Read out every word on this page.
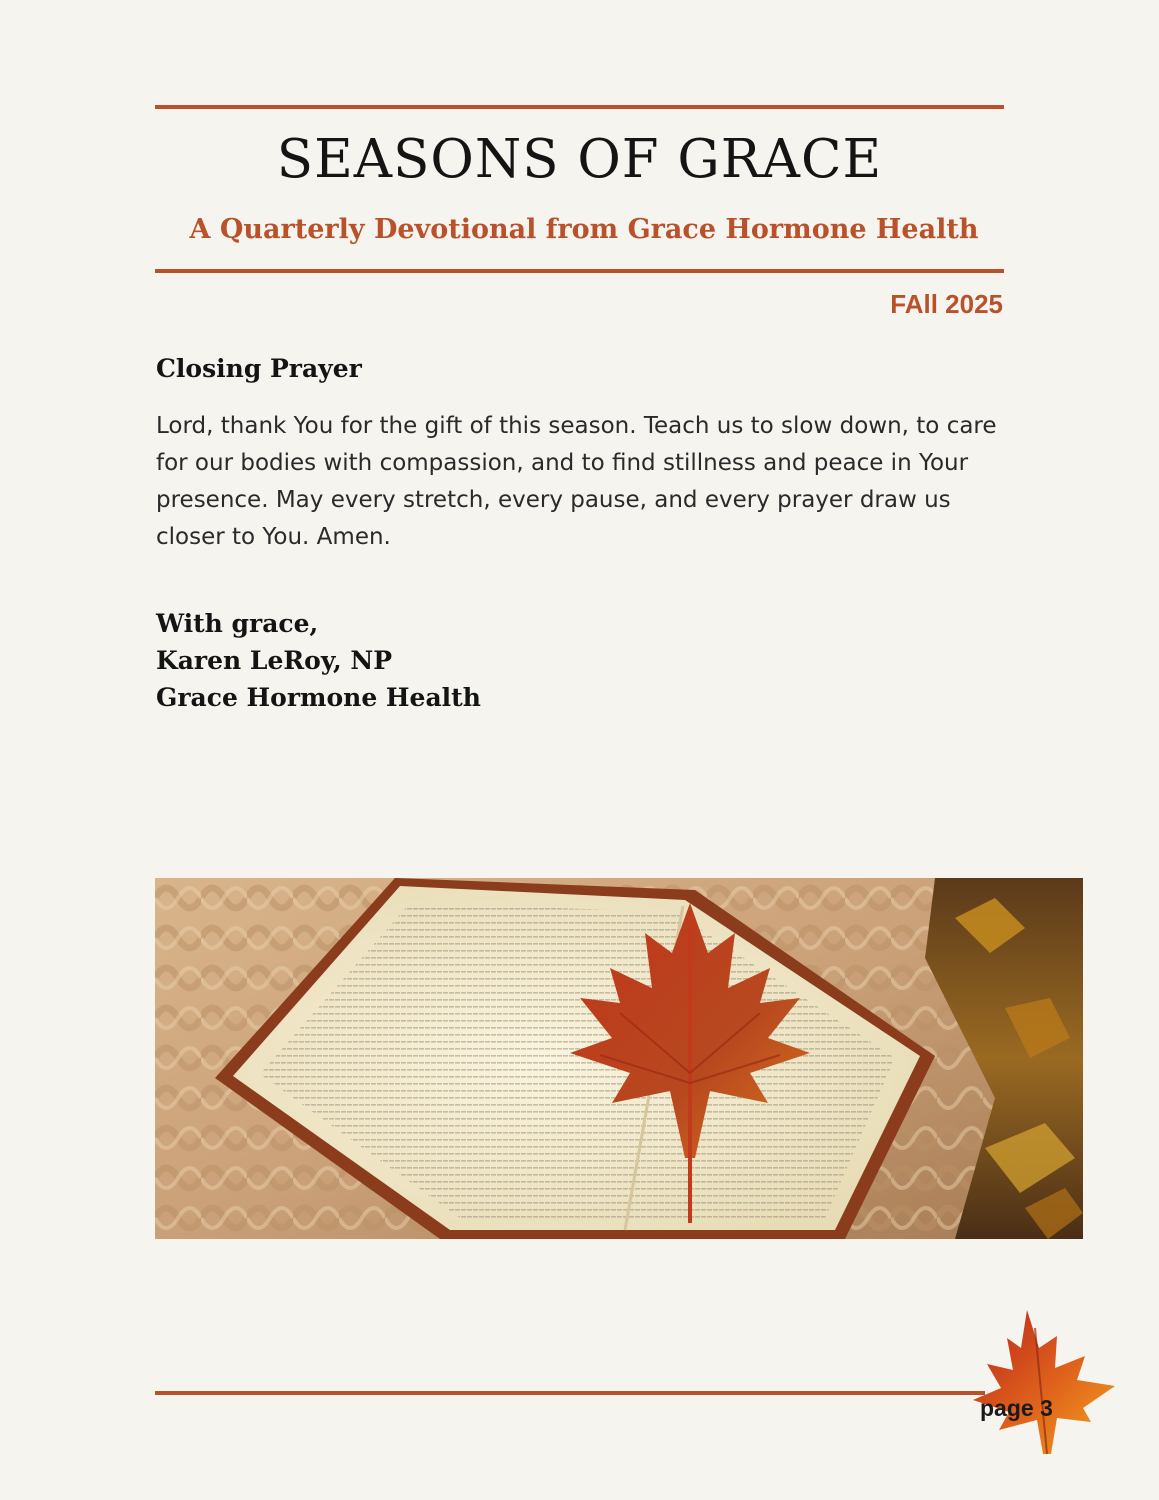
SEASONS OF GRACE
A Quarterly Devotional from Grace Hormone Health
FAll 2025
Closing Prayer

Lord, thank You for the gift of this season. Teach us to slow down, to care for our bodies with compassion, and to find stillness and peace in Your presence. May every stretch, every pause, and every prayer draw us closer to You. Amen.

With grace,
Karen LeRoy, NP
Grace Hormone Health
page 3
